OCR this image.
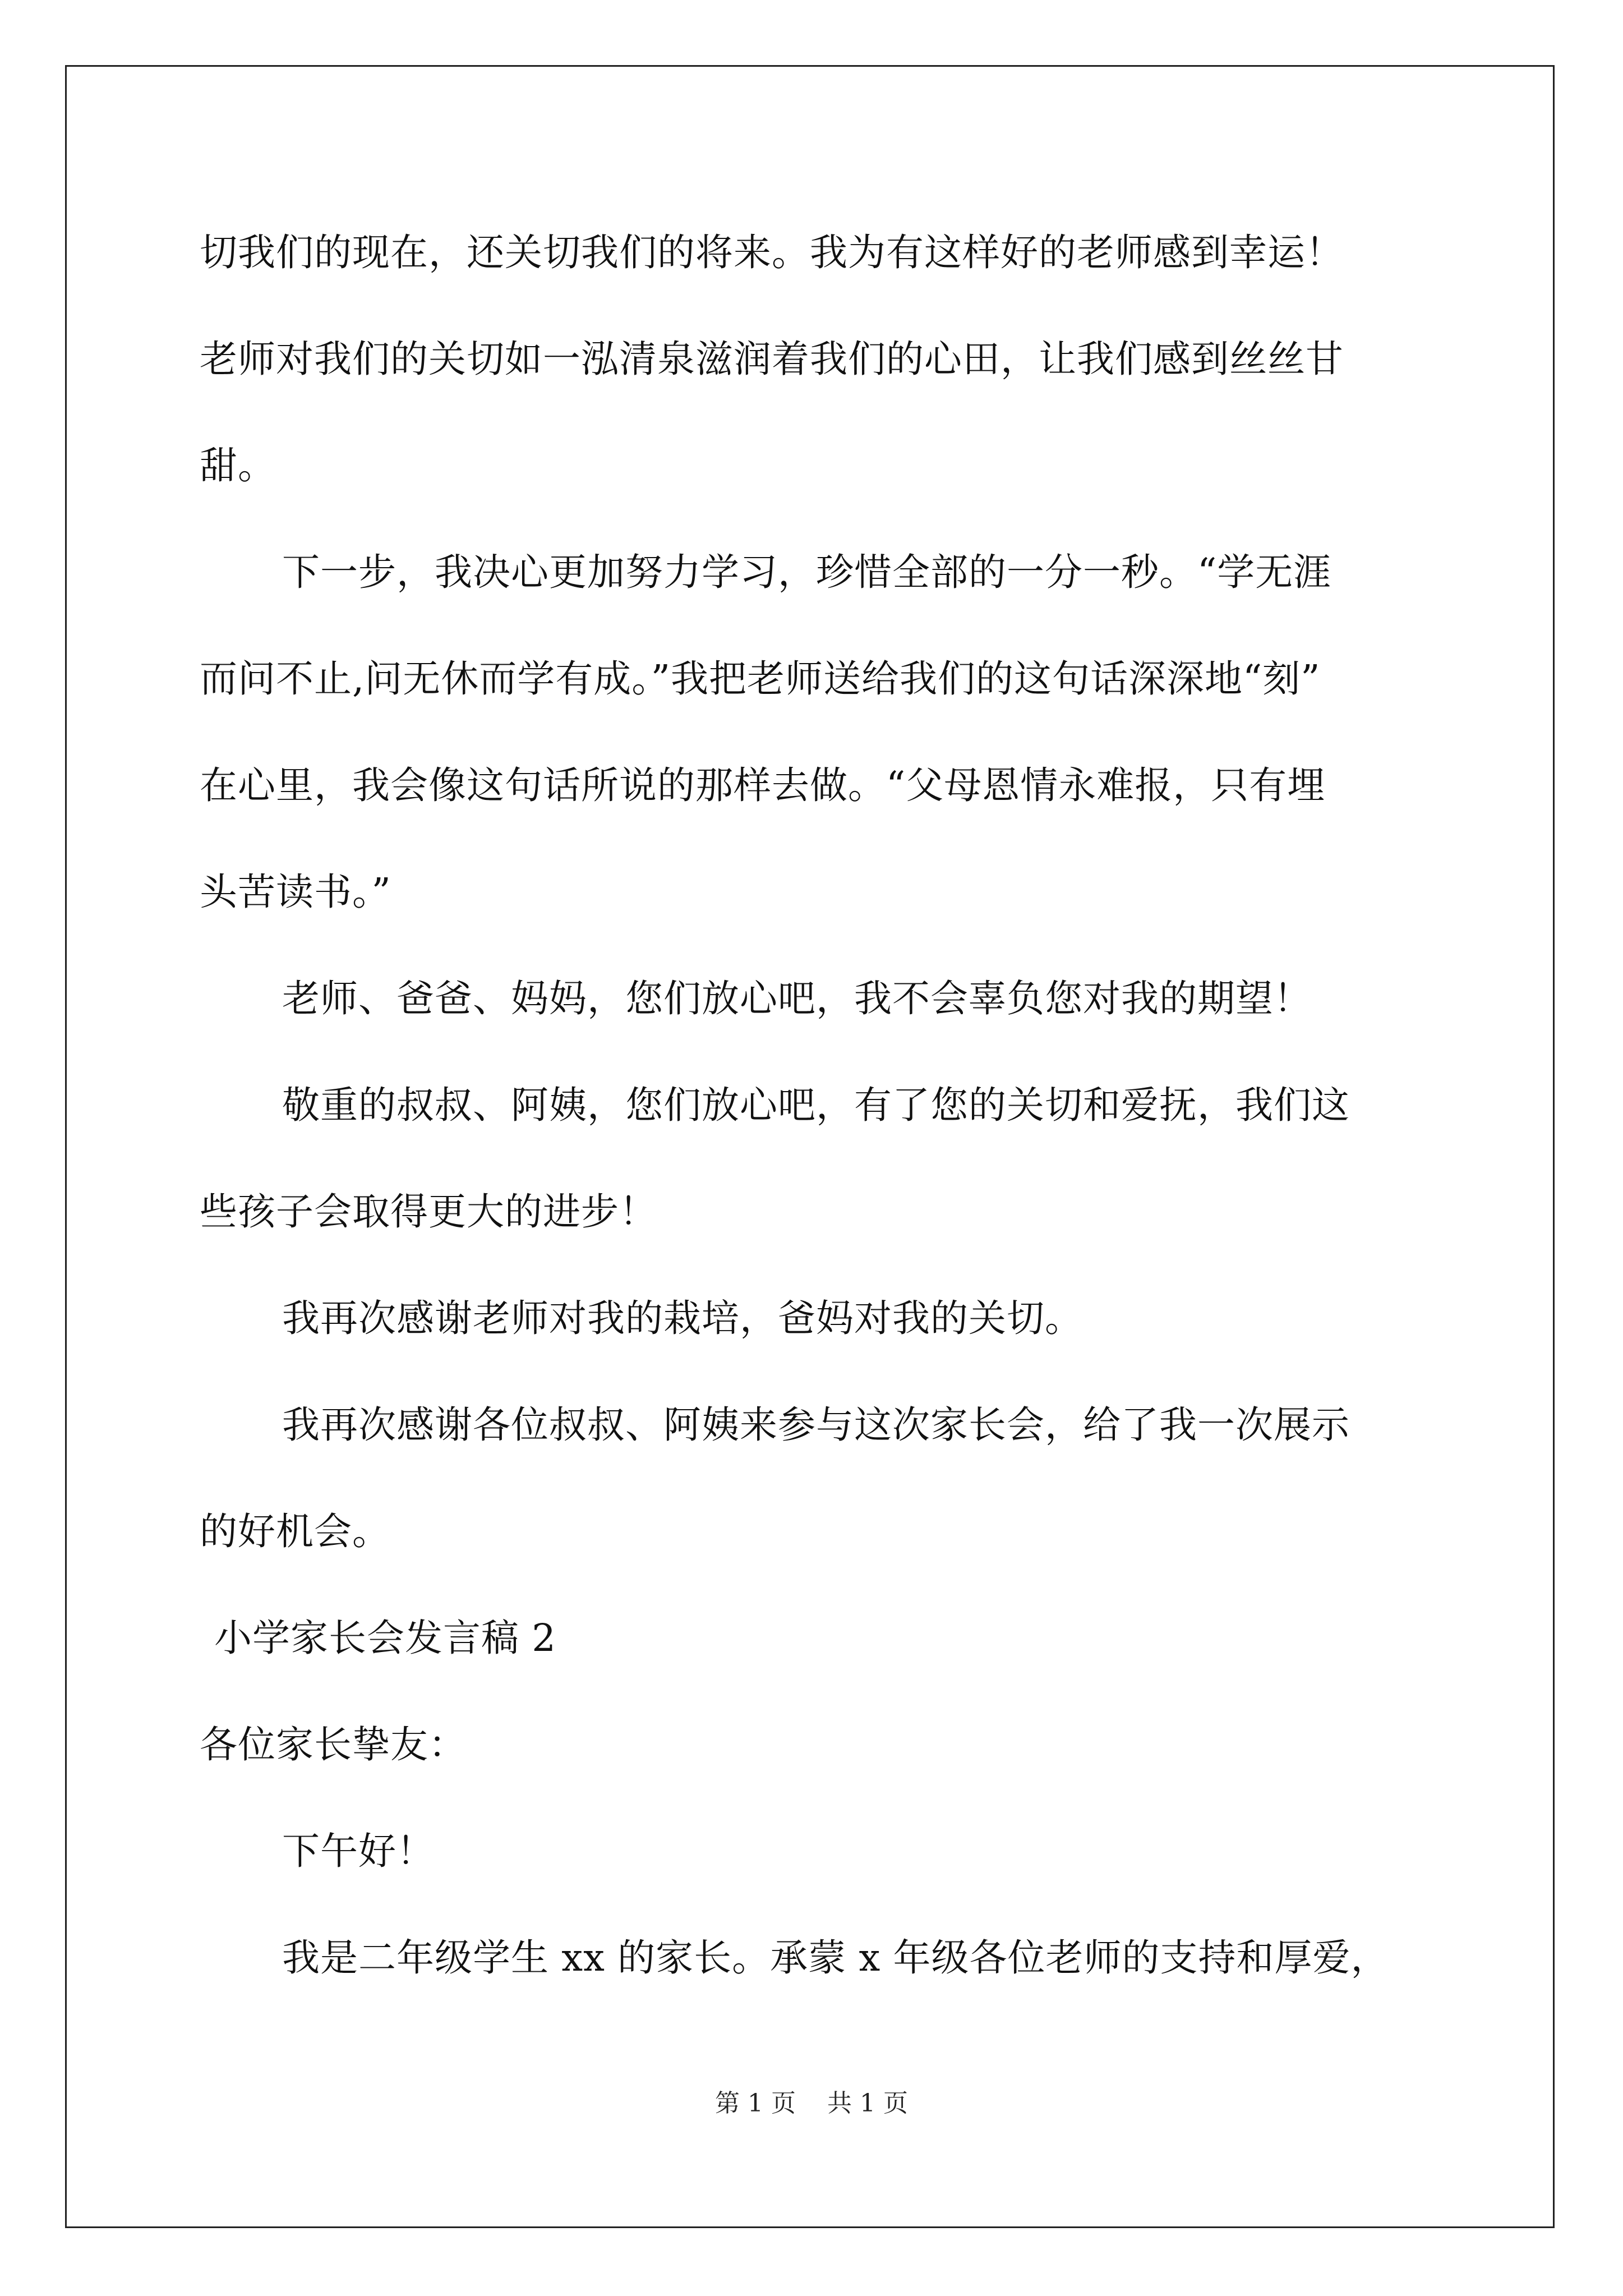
切我们的现在，还关切我们的将来。我为有这样好的老师感到幸运！
老师对我们的关切如一泓清泉滋润着我们的心田，让我们感到丝丝甘
甜。
下一步，我决心更加努力学习，珍惜全部的一分一秒。“学无涯
而问不止,问无休而学有成。”我把老师送给我们的这句话深深地“刻”
在心里，我会像这句话所说的那样去做。“父母恩情永难报，只有埋
头苦读书。”
老师、爸爸、妈妈，您们放心吧，我不会辜负您对我的期望！
敬重的叔叔、阿姨，您们放心吧，有了您的关切和爱抚，我们这
些孩子会取得更大的进步！
我再次感谢老师对我的栽培，爸妈对我的关切。
我再次感谢各位叔叔、阿姨来参与这次家长会，给了我一次展示
的好机会。
小学家长会发言稿 2
各位家长挚友：
下午好！
我是二年级学生 xx 的家长。承蒙 x 年级各位老师的支持和厚爱，
第 1 页 共 1 页
